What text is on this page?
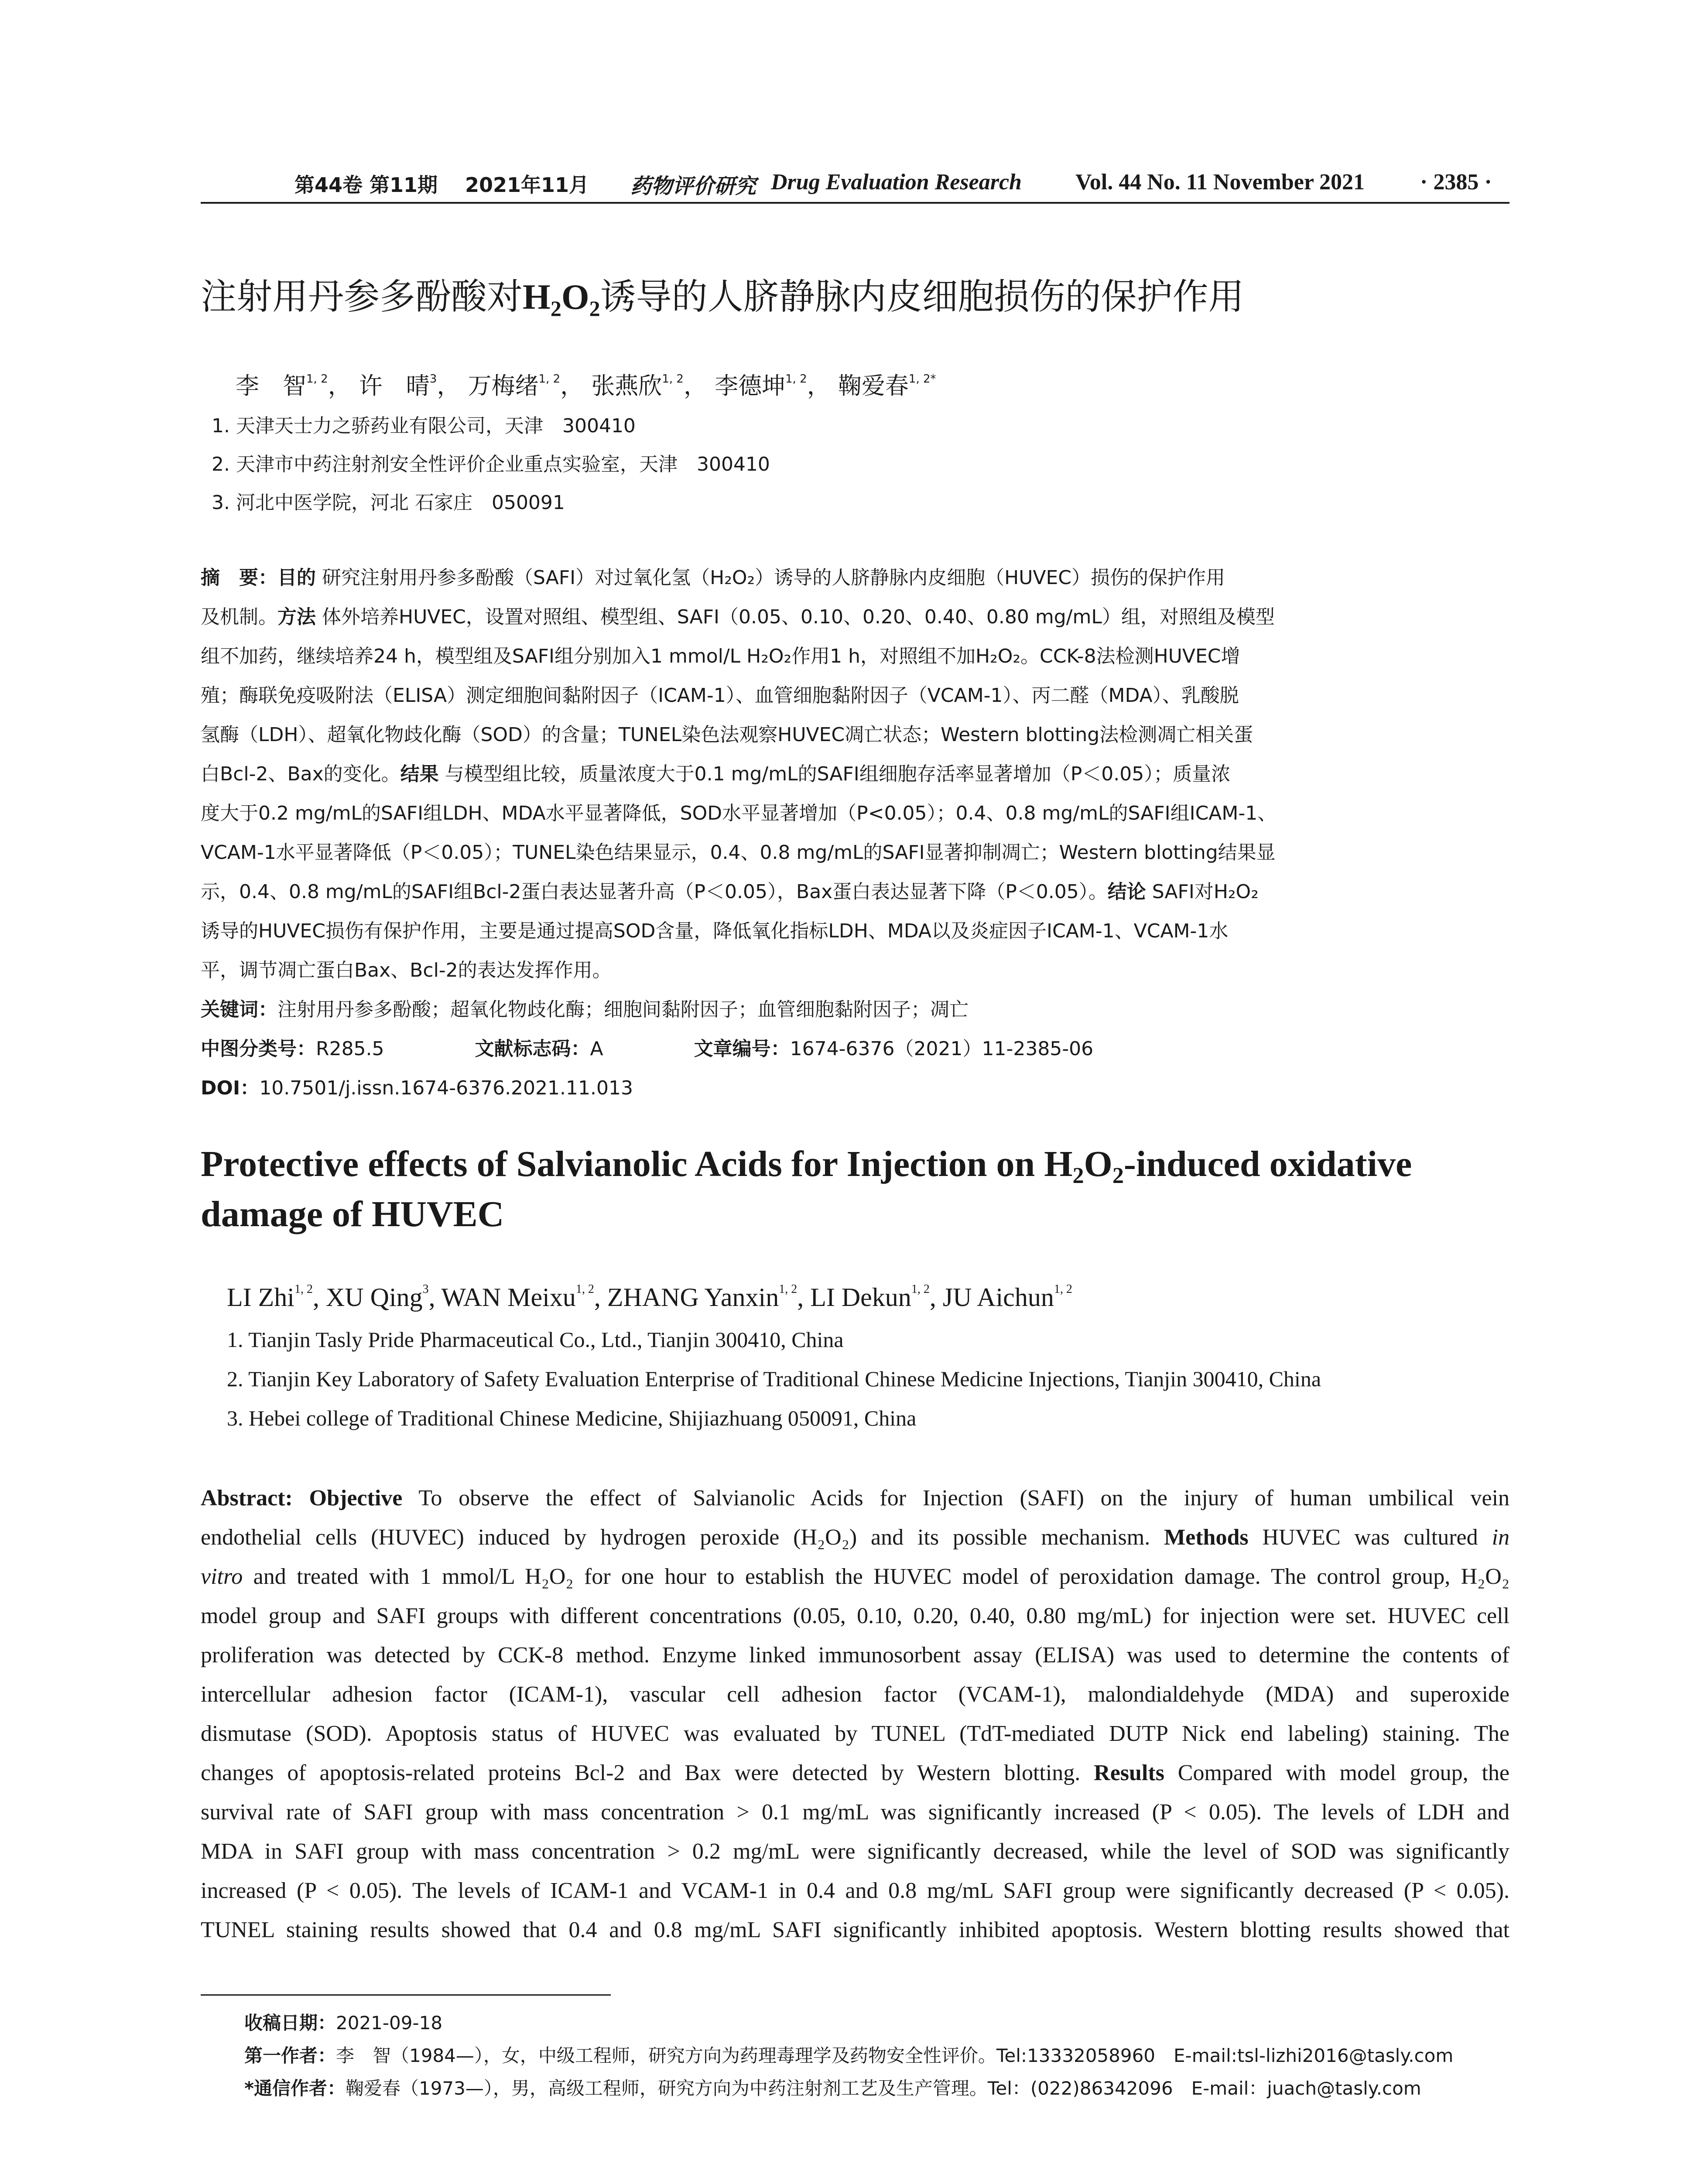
第44卷 第11期 2021年11月 药物评价研究 Drug Evaluation Research Vol. 44 No. 11 November 2021 · 2385 ·
注射用丹参多酚酸对$H_2O_2$诱导的人脐静脉内皮细胞损伤的保护作用
李　智$^{1, 2}$， 许　晴$^3$， 万梅绪$^{1, 2}$， 张燕欣$^{1, 2}$， 李德坤$^{1, 2}$， 鞠爱春$^{1, 2*}$
1. 天津天士力之骄药业有限公司，天津　300410
2. 天津市中药注射剂安全性评价企业重点实验室，天津　300410
3. 河北中医学院，河北 石家庄　050091
摘　要：目的 研究注射用丹参多酚酸（SAFI）对过氧化氢（H₂O₂）诱导的人脐静脉内皮细胞（HUVEC）损伤的保护作用
及机制。方法 体外培养HUVEC，设置对照组、模型组、SAFI（0.05、0.10、0.20、0.40、0.80 mg/mL）组，对照组及模型
组不加药，继续培养24 h，模型组及SAFI组分别加入1 mmol/L H₂O₂作用1 h，对照组不加H₂O₂。CCK-8法检测HUVEC增
殖；酶联免疫吸附法（ELISA）测定细胞间黏附因子（ICAM-1）、血管细胞黏附因子（VCAM-1）、丙二醛（MDA）、乳酸脱
氢酶（LDH）、超氧化物歧化酶（SOD）的含量；TUNEL染色法观察HUVEC凋亡状态；Western blotting法检测凋亡相关蛋
白Bcl-2、Bax的变化。结果 与模型组比较，质量浓度大于0.1 mg/mL的SAFI组细胞存活率显著增加（P＜0.05）；质量浓
度大于0.2 mg/mL的SAFI组LDH、MDA水平显著降低，SOD水平显著增加（P<0.05）；0.4、0.8 mg/mL的SAFI组ICAM-1、
VCAM-1水平显著降低（P＜0.05）；TUNEL染色结果显示，0.4、0.8 mg/mL的SAFI显著抑制凋亡；Western blotting结果显
示，0.4、0.8 mg/mL的SAFI组Bcl-2蛋白表达显著升高（P＜0.05），Bax蛋白表达显著下降（P＜0.05）。结论 SAFI对H₂O₂
诱导的HUVEC损伤有保护作用，主要是通过提高SOD含量，降低氧化指标LDH、MDA以及炎症因子ICAM-1、VCAM-1水
平，调节凋亡蛋白Bax、Bcl-2的表达发挥作用。
关键词：注射用丹参多酚酸；超氧化物歧化酶；细胞间黏附因子；血管细胞黏附因子；凋亡
中图分类号：R285.5	文献标志码：A	文章编号：1674-6376（2021）11-2385-06
DOI：10.7501/j.issn.1674-6376.2021.11.013
Protective effects of Salvianolic Acids for Injection on $H_2O_2$-induced oxidative
damage of HUVEC
LI Zhi$^{1, 2}$, XU Qing$^3$, WAN Meixu$^{1, 2}$, ZHANG Yanxin$^{1, 2}$, LI Dekun$^{1, 2}$, JU Aichun$^{1, 2}$
1. Tianjin Tasly Pride Pharmaceutical Co., Ltd., Tianjin 300410, China
2. Tianjin Key Laboratory of Safety Evaluation Enterprise of Traditional Chinese Medicine Injections, Tianjin 300410, China
3. Hebei college of Traditional Chinese Medicine, Shijiazhuang 050091, China
Abstract: Objective To observe the effect of Salvianolic Acids for Injection (SAFI) on the injury of human umbilical vein
endothelial cells (HUVEC) induced by hydrogen peroxide (H₂O₂) and its possible mechanism. Methods HUVEC was cultured in
vitro and treated with 1 mmol/L H₂O₂ for one hour to establish the HUVEC model of peroxidation damage. The control group, H₂O₂
model group and SAFI groups with different concentrations (0.05, 0.10, 0.20, 0.40, 0.80 mg/mL) for injection were set. HUVEC cell
proliferation was detected by CCK-8 method. Enzyme linked immunosorbent assay (ELISA) was used to determine the contents of
intercellular adhesion factor (ICAM-1), vascular cell adhesion factor (VCAM-1), malondialdehyde (MDA) and superoxide
dismutase (SOD). Apoptosis status of HUVEC was evaluated by TUNEL (TdT-mediated DUTP Nick end labeling) staining. The
changes of apoptosis-related proteins Bcl-2 and Bax were detected by Western blotting. Results Compared with model group, the
survival rate of SAFI group with mass concentration > 0.1 mg/mL was significantly increased (P < 0.05). The levels of LDH and
MDA in SAFI group with mass concentration > 0.2 mg/mL were significantly decreased, while the level of SOD was significantly
increased (P < 0.05). The levels of ICAM-1 and VCAM-1 in 0.4 and 0.8 mg/mL SAFI group were significantly decreased (P < 0.05).
TUNEL staining results showed that 0.4 and 0.8 mg/mL SAFI significantly inhibited apoptosis. Western blotting results showed that
收稿日期：2021-09-18
第一作者：李　智（1984—），女，中级工程师，研究方向为药理毒理学及药物安全性评价。Tel:13332058960　E-mail:tsl-lizhi2016@tasly.com
*通信作者：鞠爱春（1973—），男，高级工程师，研究方向为中药注射剂工艺及生产管理。Tel：(022)86342096　E-mail：juach@tasly.com
